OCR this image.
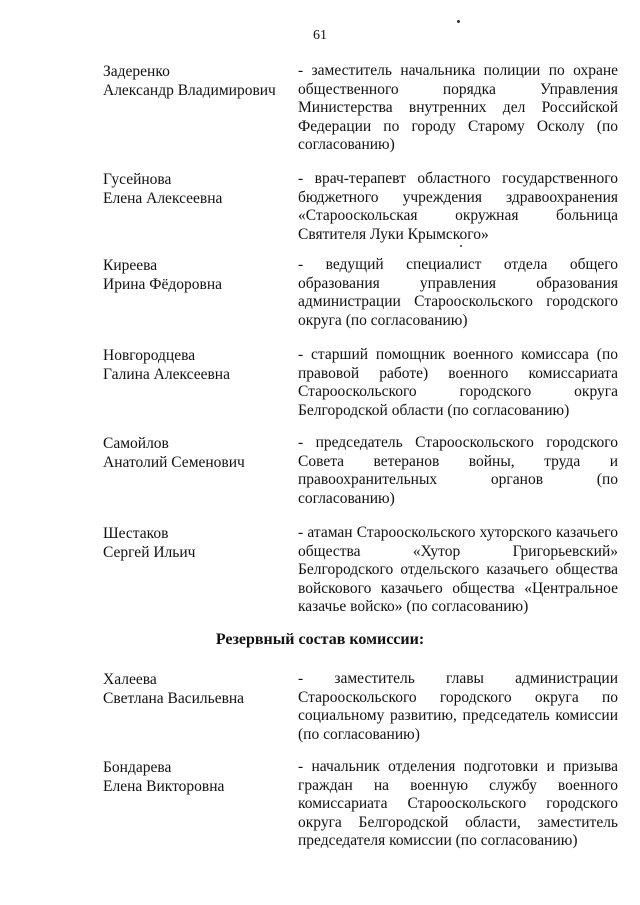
61
Задеренко
Александр Владимирович
- заместитель начальника полиции по охране общественного порядка Управления Министерства внутренних дел Российской Федерации по городу Старому Осколу (по согласованию)
Гусейнова
Елена Алексеевна
- врач-терапевт областного государственного бюджетного учреждения здравоохранения «Старооскольская окружная больница Святителя Луки Крымского»
Киреева
Ирина Фёдоровна
- ведущий специалист отдела общего образования управления образования администрации Старооскольского городского округа (по согласованию)
Новгородцева
Галина Алексеевна
- старший помощник военного комиссара (по правовой работе) военного комиссариата Старооскольского городского округа Белгородской области (по согласованию)
Самойлов
Анатолий Семенович
- председатель Старооскольского городского Совета ветеранов войны, труда и правоохранительных органов (по согласованию)
Шестаков
Сергей Ильич
- атаман Старооскольского хуторского казачьего общества «Хутор Григорьевский» Белгородского отдельского казачьего общества войскового казачьего общества «Центральное казачье войско» (по согласованию)
Резервный состав комиссии:
Халеева
Светлана Васильевна
- заместитель главы администрации Старооскольского городского округа по социальному развитию, председатель комиссии (по согласованию)
Бондарева
Елена Викторовна
- начальник отделения подготовки и призыва граждан на военную службу военного комиссариата Старооскольского городского округа Белгородской области, заместитель председателя комиссии (по согласованию)
